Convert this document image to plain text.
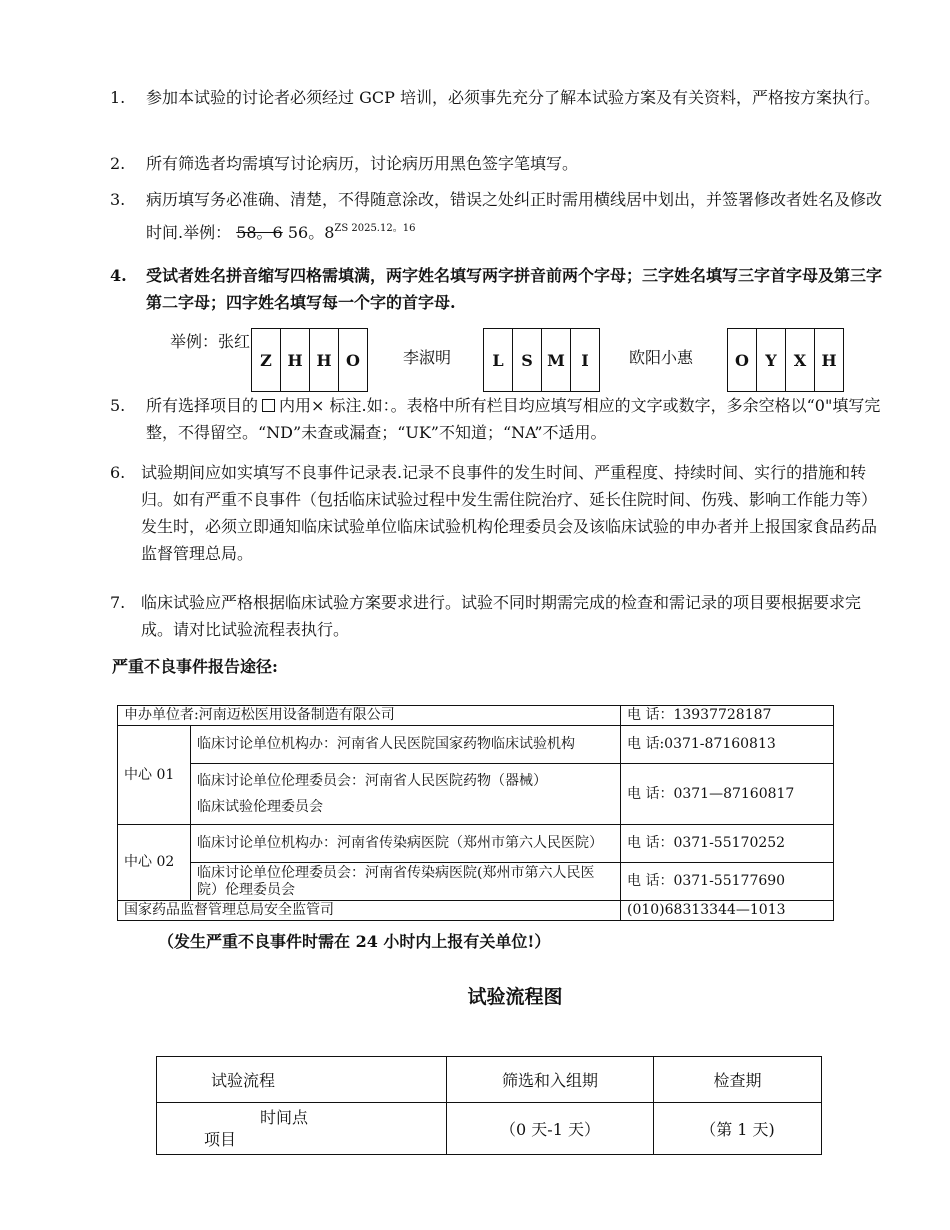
1. 参加本试验的讨论者必须经过 GCP 培训，必须事先充分了解本试验方案及有关资料，严格按方案执行。
2. 所有筛选者均需填写讨论病历，讨论病历用黑色签字笔填写。
3. 病历填写务必准确、清楚，不得随意涂改，错误之处纠正时需用横线居中划出，并签署修改者姓名及修改时间.举例： 58。6 56。$8^{ZS 2025.12。16}$
4. 受试者姓名拼音缩写四格需填满，两字姓名填写两字拼音前两个字母；三字姓名填写三字首字母及第三字第二字母；四字姓名填写每一个字的首字母.
举例：张红
Z H H O	李淑明	L	S M	I	欧阳小惠	O	Y	X H
5. 所有选择项目的 内用× 标注.如：。表格中所有栏目均应填写相应的文字或数字，多余空格以“0"填写完整，不得留空。“ND”未查或漏查；“UK”不知道；“NA”不适用。
6. 试验期间应如实填写不良事件记录表.记录不良事件的发生时间、严重程度、持续时间、实行的措施和转归。如有严重不良事件（包括临床试验过程中发生需住院治疗、延长住院时间、伤残、影响工作能力等）发生时，必须立即通知临床试验单位临床试验机构伦理委员会及该临床试验的申办者并上报国家食品药品监督管理总局。
7. 临床试验应严格根据临床试验方案要求进行。试验不同时期需完成的检查和需记录的项目要根据要求完成。请对比试验流程表执行。
严重不良事件报告途径:
申办单位者:河南迈松医用设备制造有限公司		电 话：13937728187
中心 01	临床讨论单位机构办：河南省人民医院国家药物临床试验机构	电 话:0371-87160813

	临床讨论单位伦理委员会：河南省人民医院药物（器械）
临床试验伦理委员会	电 话：0371—87160817
中心 02	临床讨论单位机构办：河南省传染病医院（郑州市第六人民医院）	电 话：0371-55170252
	临床讨论单位伦理委员会：河南省传染病医院(郑州市第六人民医院）伦理委员会	电 话：0371-55177690
国家药品监督管理总局安全监管司		(010)68313344—1013
（发生严重不良事件时需在 24 小时内上报有关单位!）
试验流程图
试验流程	筛选和入组期	检查期

时间点
项目	（0 天-1 天）	（第 1 天)
